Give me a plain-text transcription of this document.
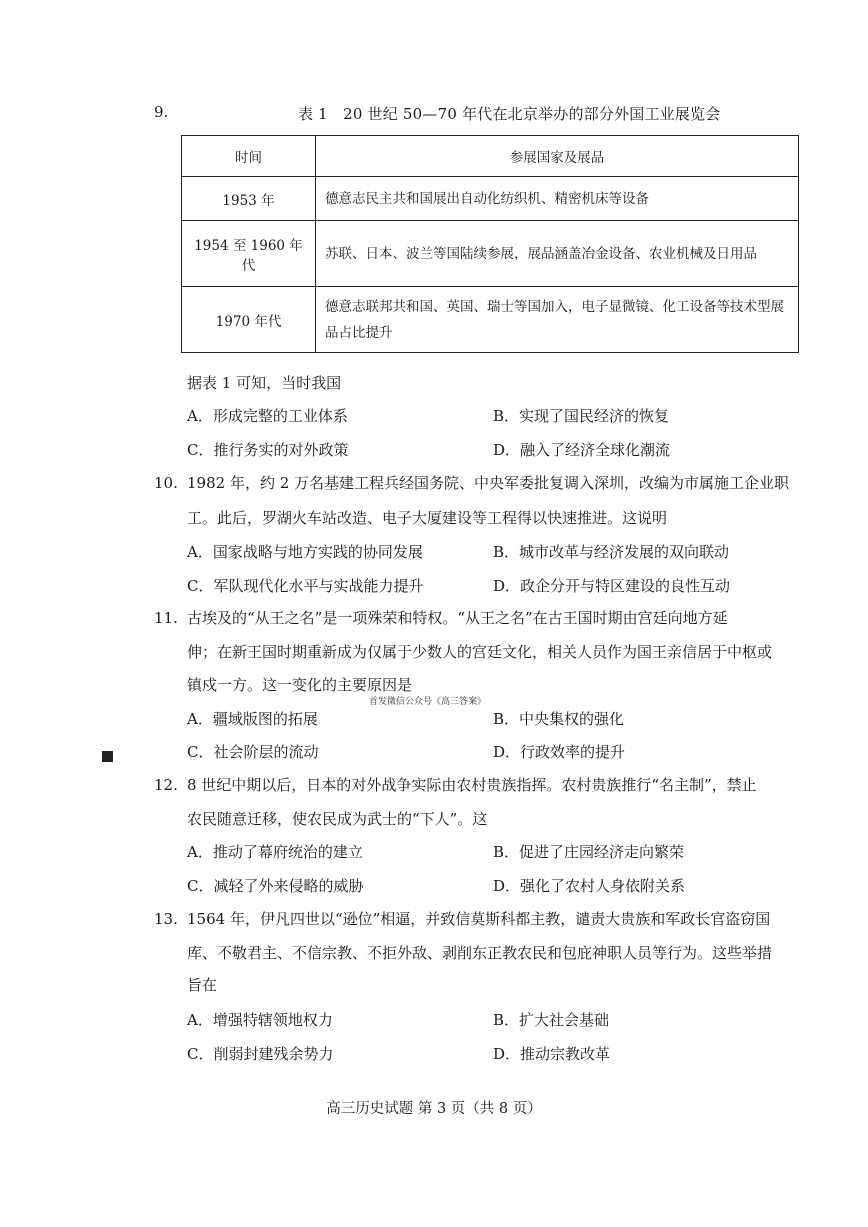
9.	表 1　20 世纪 50—70 年代在北京举办的部分外国工业展览会
时间	参展国家及展品
1953 年	德意志民主共和国展出自动化纺织机、精密机床等设备
1954 至 1960 年代	苏联、日本、波兰等国陆续参展，展品涵盖冶金设备、农业机械及日用品
1970 年代	德意志联邦共和国、英国、瑞士等国加入，电子显微镜、化工设备等技术型展品占比提升
据表 1 可知，当时我国
A．形成完整的工业体系	B．实现了国民经济的恢复
C．推行务实的对外政策	D．融入了经济全球化潮流
10. 1982 年，约 2 万名基建工程兵经国务院、中央军委批复调入深圳，改编为市属施工企业职
工。此后，罗湖火车站改造、电子大厦建设等工程得以快速推进。这说明
A．国家战略与地方实践的协同发展	B．城市改革与经济发展的双向联动
C．军队现代化水平与实战能力提升	D．政企分开与特区建设的良性互动
11. 古埃及的“从王之名”是一项殊荣和特权。“从王之名”在古王国时期由宫廷向地方延
伸；在新王国时期重新成为仅属于少数人的宫廷文化，相关人员作为国王亲信居于中枢或
镇戍一方。这一变化的主要原因是
首发微信公众号《高三答案》
A．疆域版图的拓展	B．中央集权的强化
C．社会阶层的流动	D．行政效率的提升
12. 8 世纪中期以后，日本的对外战争实际由农村贵族指挥。农村贵族推行“名主制”，禁止
农民随意迁移，使农民成为武士的“下人”。这
A．推动了幕府统治的建立	B．促进了庄园经济走向繁荣
C．减轻了外来侵略的威胁	D．强化了农村人身依附关系
13. 1564 年，伊凡四世以“逊位”相逼，并致信莫斯科都主教，谴责大贵族和军政长官盗窃国
库、不敬君主、不信宗教、不拒外敌、剥削东正教农民和包庇神职人员等行为。这些举措
旨在
A．增强特辖领地权力	B．扩大社会基础
C．削弱封建残余势力	D．推动宗教改革
高三历史试题 第 3 页（共 8 页）
